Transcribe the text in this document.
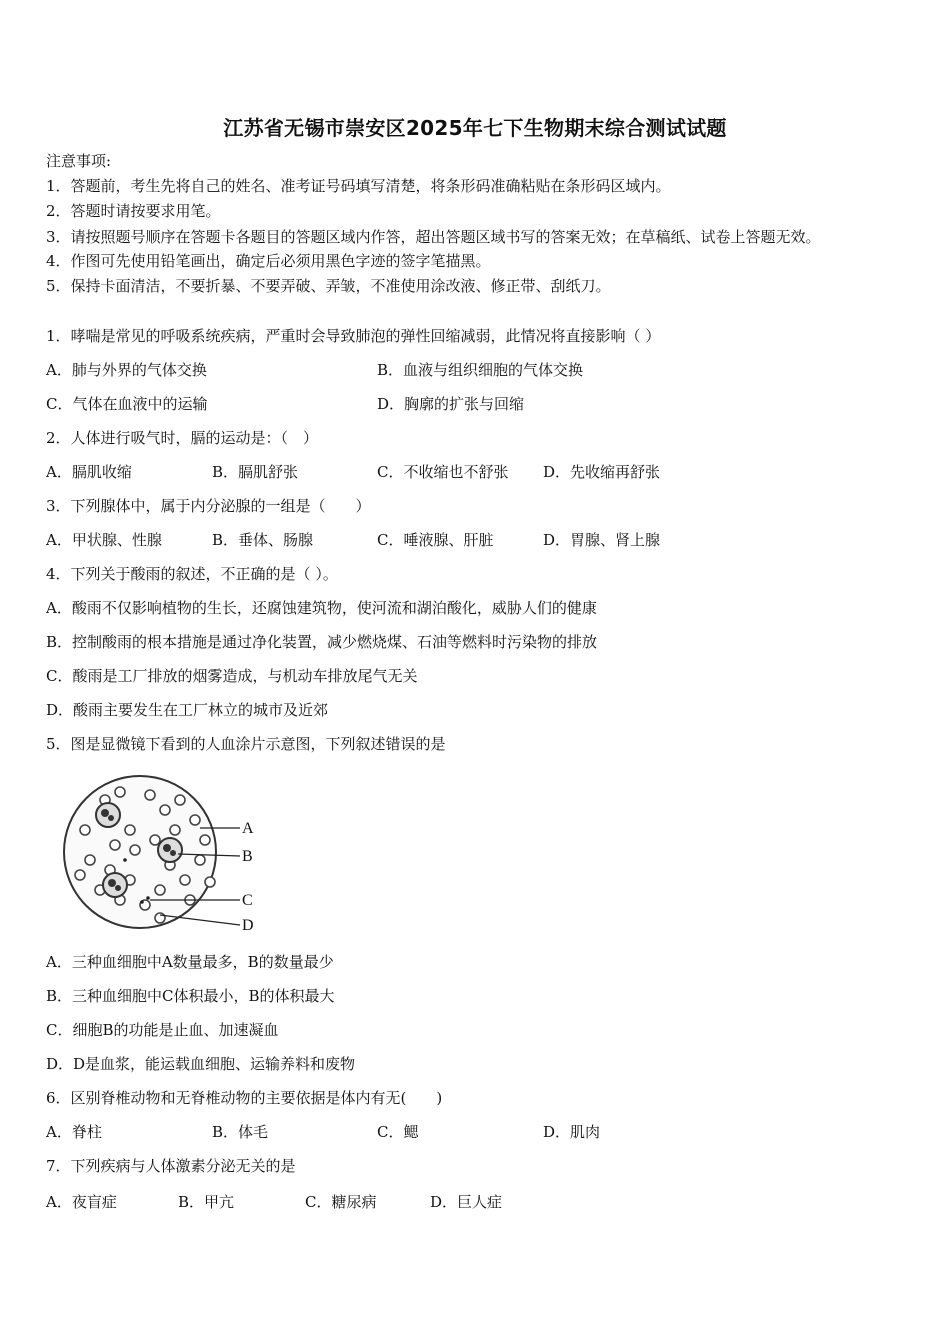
江苏省无锡市崇安区2025年七下生物期末综合测试试题
注意事项:
1．答题前，考生先将自己的姓名、准考证号码填写清楚，将条形码准确粘贴在条形码区域内。
2．答题时请按要求用笔。
3．请按照题号顺序在答题卡各题目的答题区域内作答，超出答题区域书写的答案无效；在草稿纸、试卷上答题无效。
4．作图可先使用铅笔画出，确定后必须用黑色字迹的签字笔描黑。
5．保持卡面清洁，不要折暴、不要弄破、弄皱，不准使用涂改液、修正带、刮纸刀。
1．哮喘是常见的呼吸系统疾病，严重时会导致肺泡的弹性回缩减弱，此情况将直接影响（ ）
A．肺与外界的气体交换	B．血液与组织细胞的气体交换
C．气体在血液中的运输	D．胸廓的扩张与回缩
2．人体进行吸气时，膈的运动是：（　）
A．膈肌收缩	B．膈肌舒张	C．不收缩也不舒张 D．先收缩再舒张
3．下列腺体中，属于内分泌腺的一组是（　　）
A．甲状腺、性腺	B．垂体、肠腺	C．唾液腺、肝脏	D．胃腺、肾上腺
4．下列关于酸雨的叙述，不正确的是（ ）。
A．酸雨不仅影响植物的生长，还腐蚀建筑物，使河流和湖泊酸化，威胁人们的健康
B．控制酸雨的根本措施是通过净化装置，减少燃烧煤、石油等燃料时污染物的排放
C．酸雨是工厂排放的烟雾造成，与机动车排放尾气无关
D．酸雨主要发生在工厂林立的城市及近郊
5．图是显微镜下看到的人血涂片示意图，下列叙述错误的是
A
B
C
D
A．三种血细胞中A数量最多，B的数量最少
B．三种血细胞中C体积最小，B的体积最大
C．细胞B的功能是止血、加速凝血
D．D是血浆，能运载血细胞、运输养料和废物
6．区别脊椎动物和无脊椎动物的主要依据是体内有无(　　)
A．脊柱	B．体毛	C．鳃	D．肌肉
7．下列疾病与人体激素分泌无关的是
A．夜盲症	B．甲亢	C．糖尿病	D．巨人症
